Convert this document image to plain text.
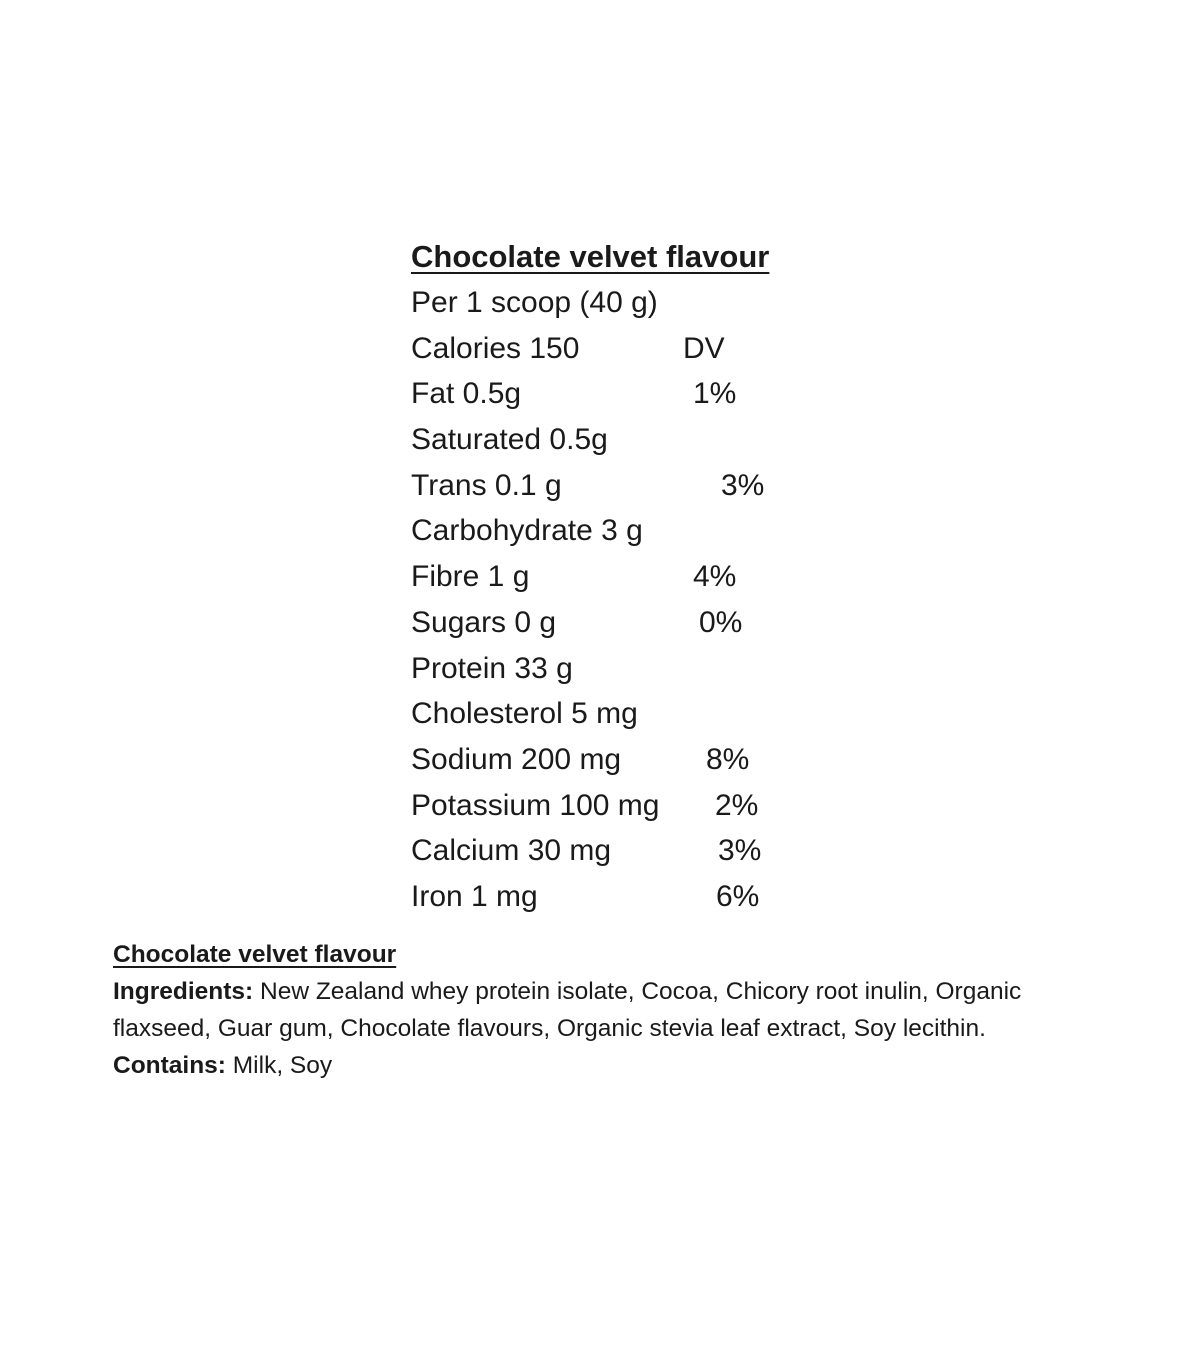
Chocolate velvet flavour
Per 1 scoop (40 g)
Calories 150	DV
Fat 0.5g	1%
Saturated 0.5g
Trans 0.1 g	3%
Carbohydrate 3 g
Fibre 1 g	4%
Sugars 0 g	0%
Protein 33 g
Cholesterol 5 mg
Sodium 200 mg	8%
Potassium 100 mg 2%
Calcium 30 mg	3%
Iron 1 mg	6%
Chocolate velvet flavour
Ingredients: New Zealand whey protein isolate, Cocoa, Chicory root inulin, Organic flaxseed, Guar gum, Chocolate flavours, Organic stevia leaf extract, Soy lecithin.
Contains: Milk, Soy
